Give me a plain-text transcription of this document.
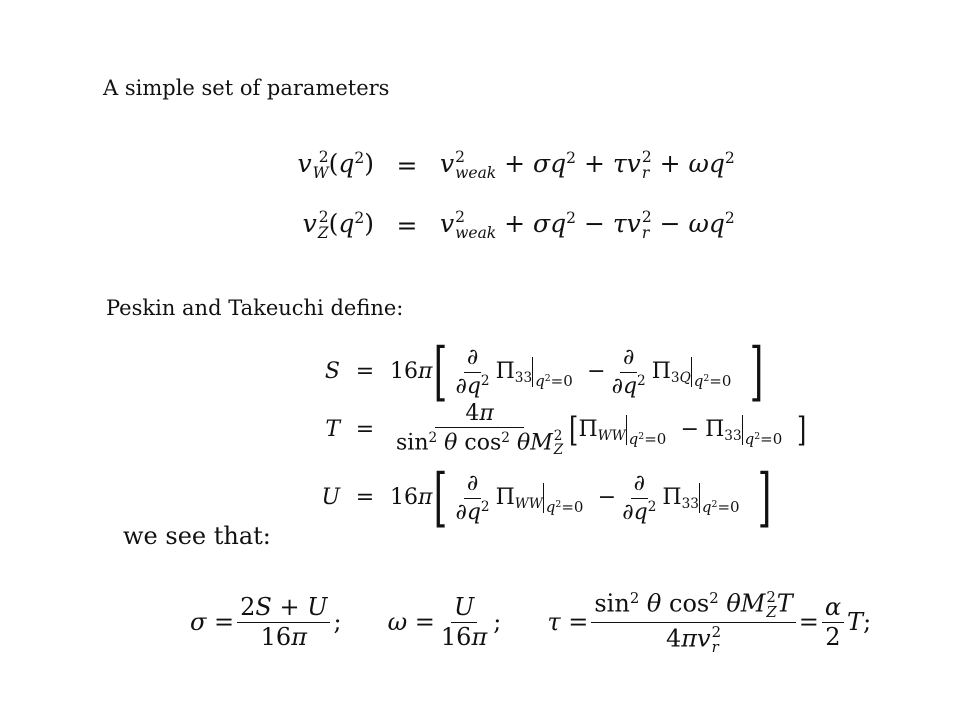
A simple set of parameters
v 2
W $(q^2) = v$ 2
weak + $\sigma q^2 + \tau v$ 2
$r + \omega q^2$
v 2
Z $(q^2) = v$ 2
weak + $\sigma q^2 - \tau v$ 2
$r - \omega q^2$
Peskin and Takeuchi define:
S = 16π [ $\frac{\partial}{\partial q^2} \Pi_{33}$ $q^2=0 - \frac{\partial}{\partial q^2} \Pi_{3Q}$ $q^2=0$ ]
T = 4π
$\sin^2 \theta$ $\cos^2 \theta M$ 2
Z [ $\Pi_{WW}$ $q^2=0 - \Pi_{33}$ $q^2=0$ ]
U = 16π [ $\frac{\partial}{\partial q^2} \Pi_{WW}$ $q^2=0 - \frac{\partial}{\partial q^2} \Pi_{33}$ $q^2=0$ ]
we see that:
$\sigma = \frac{2S + U}{16\pi}$ ; $\omega = \frac{U}{16\pi}$ ; $\tau = \sin^2 \theta$ $\cos^2 \theta M$ 2
Z T
4πv 2
$r = \frac{\alpha}{2} T$;
